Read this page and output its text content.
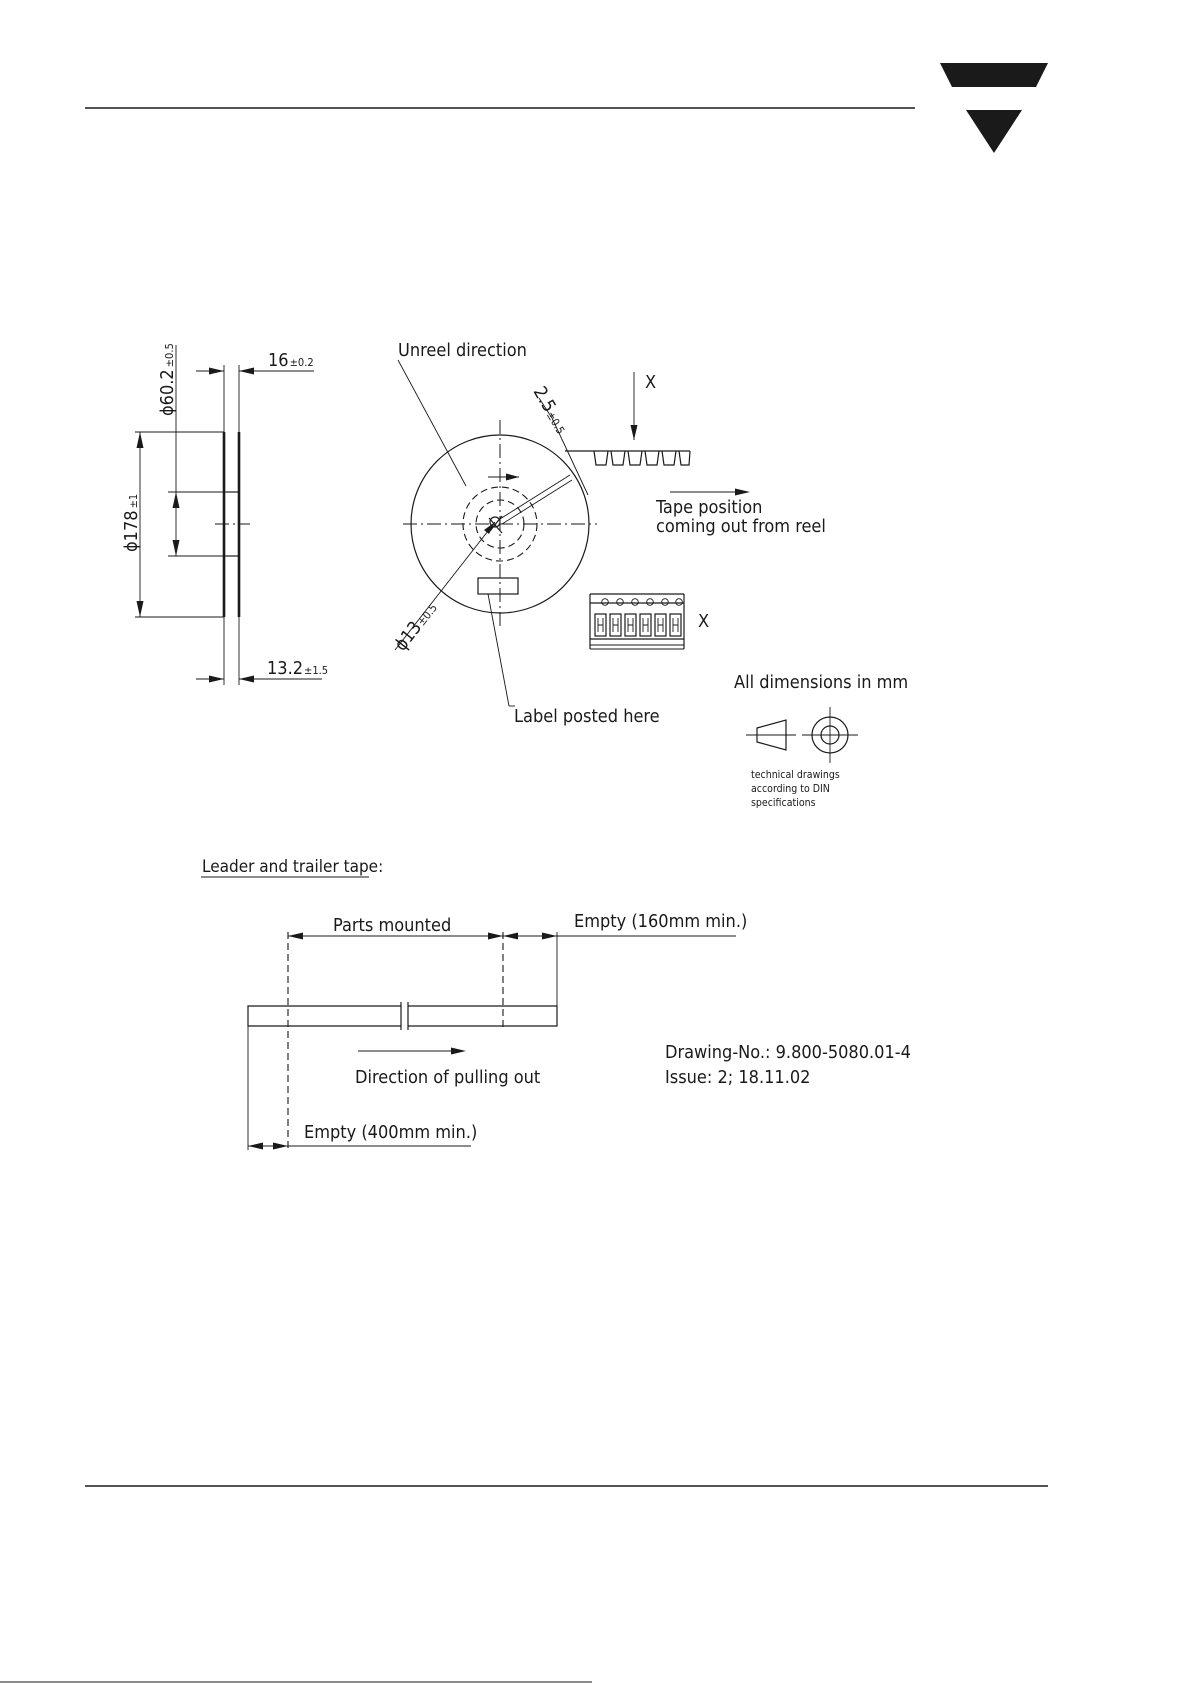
ϕ60.2±0.5
ϕ178±1
16±0.2
13.2±1.5
Unreel direction
2.5±0.5
ϕ13±0.5
X
Tape position
coming out from reel
Label posted here
X
All dimensions in mm
technical drawings
according to DIN
specifications
Leader and trailer tape:
Parts mounted	Empty (160mm min.)
Direction of pulling out
Empty (400mm min.)
Drawing-No.: 9.800-5080.01-4
Issue: 2; 18.11.02
